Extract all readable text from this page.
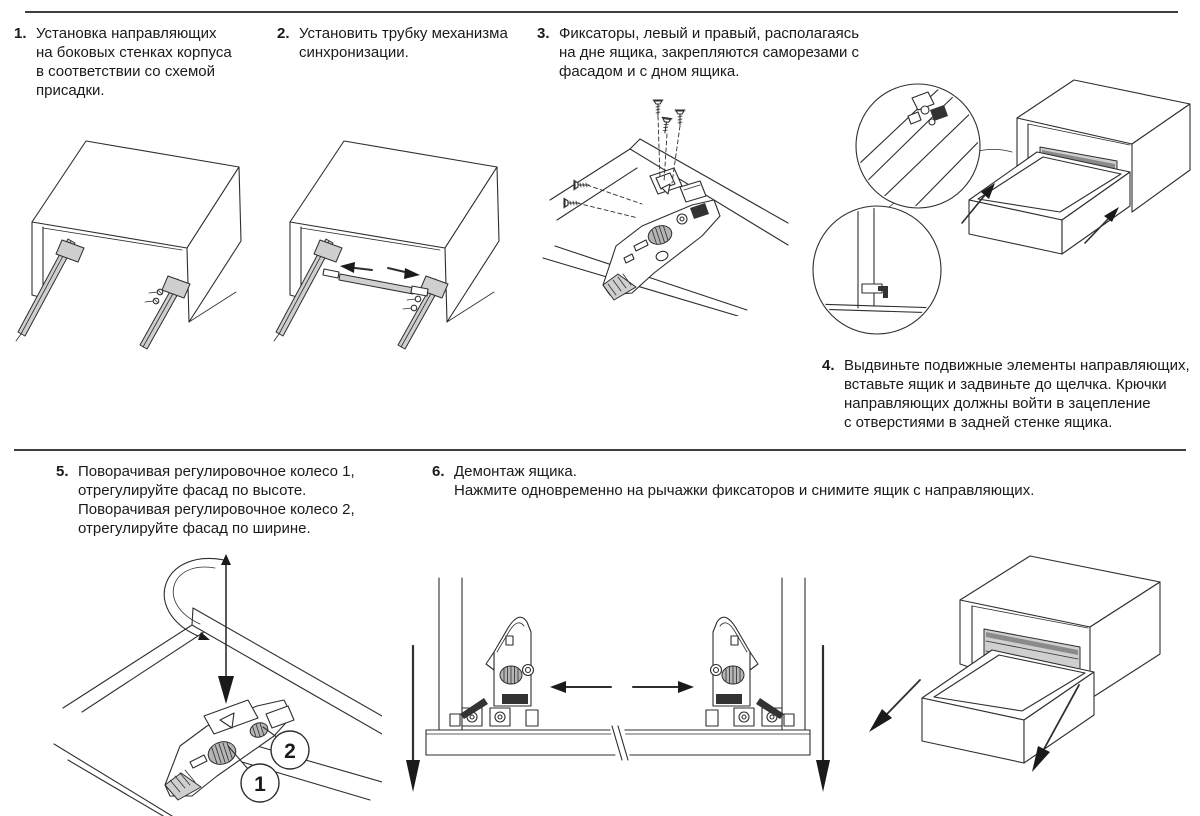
1. Установка направляющих
на боковых стенках корпуса
в соответствии со схемой
присадки.
2. Установить трубку механизма
синхронизации.
3. Фиксаторы, левый и правый, располагаясь
на дне ящика, закрепляются саморезами с
фасадом и с дном ящика.
4. Выдвиньте подвижные элементы направляющих,
вставьте ящик и задвиньте до щелчка. Крючки
направляющих должны войти в зацепление
с отверстиями в задней стенке ящика.
5. Поворачивая регулировочное колесо 1,
отрегулируйте фасад по высоте.
Поворачивая регулировочное колесо 2,
отрегулируйте фасад по ширине.
6. Демонтаж ящика.
Нажмите одновременно на рычажки фиксаторов и снимите ящик с направляющих.
1
2
